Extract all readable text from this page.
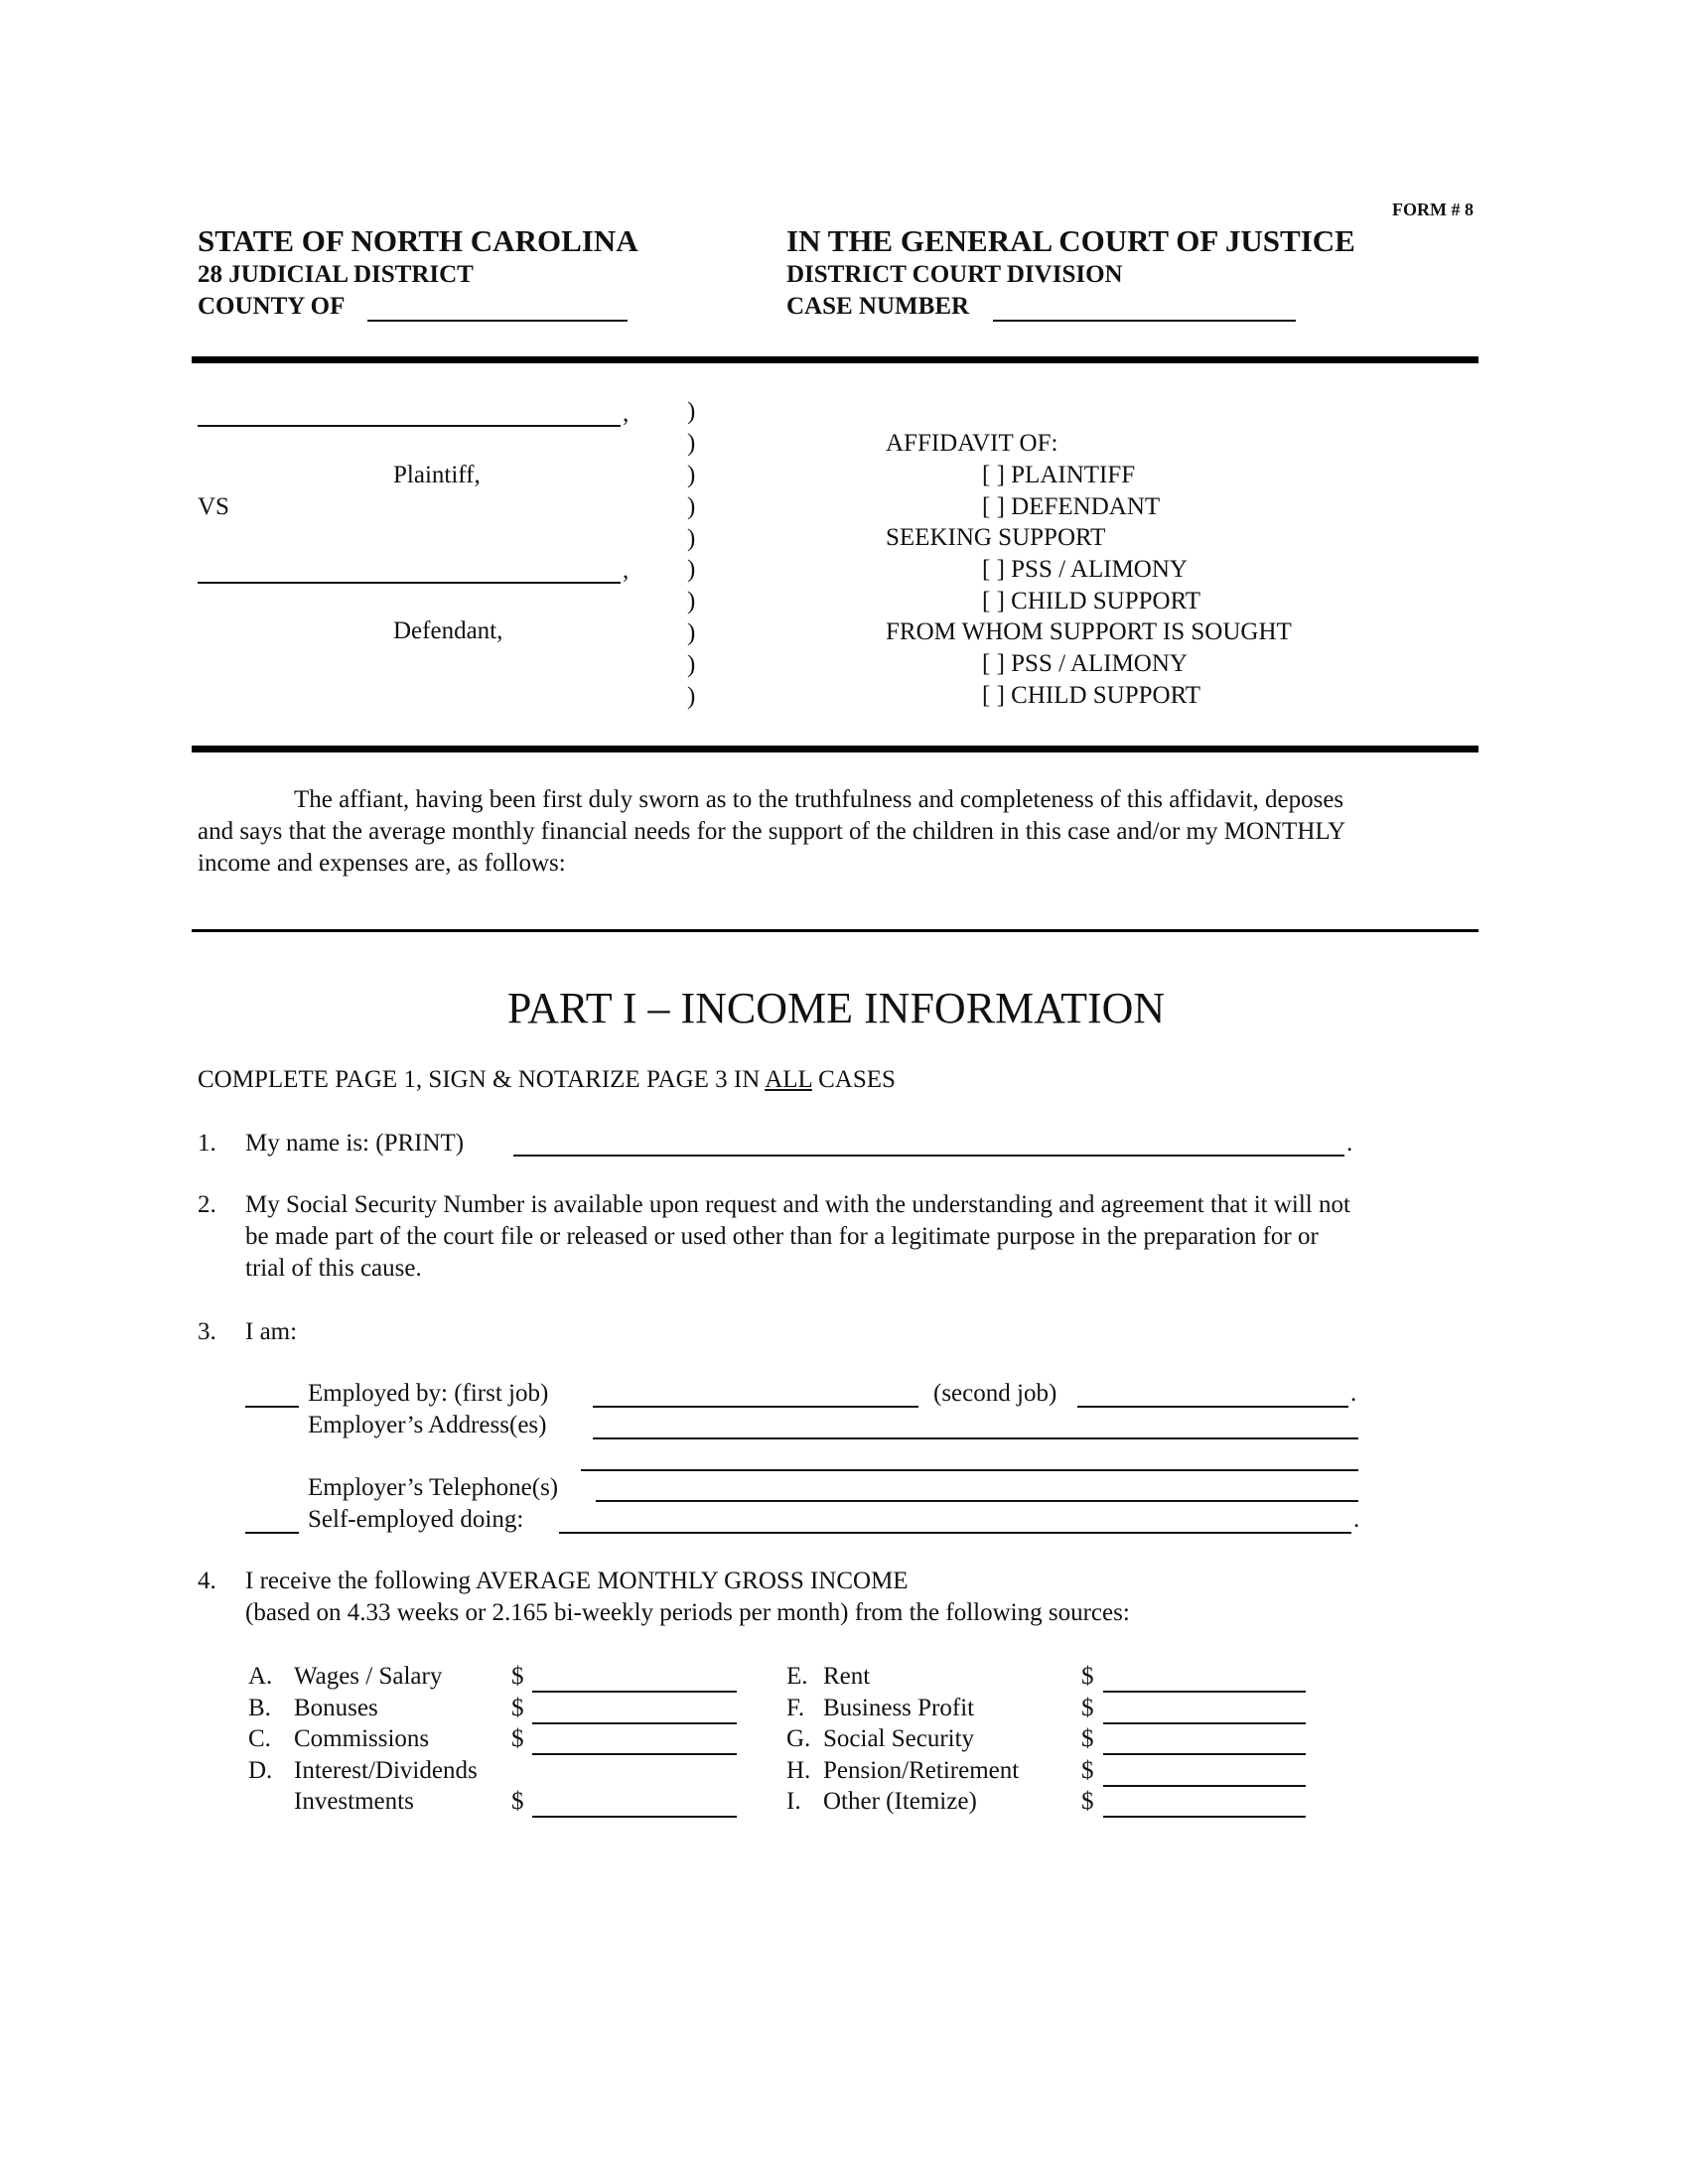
FORM # 8
STATE OF NORTH CAROLINA
28 JUDICIAL DISTRICT
COUNTY OF
IN THE GENERAL COURT OF JUSTICE
DISTRICT COURT DIVISION
CASE NUMBER
,
Plaintiff,
VS
,
Defendant,
)
)
)
)
)
)
)
)
)
)
AFFIDAVIT OF:
[ ] PLAINTIFF
[ ] DEFENDANT
SEEKING SUPPORT
[ ] PSS / ALIMONY
[ ] CHILD SUPPORT
FROM WHOM SUPPORT IS SOUGHT
[ ] PSS / ALIMONY
[ ] CHILD SUPPORT
The affiant, having been first duly sworn as to the truthfulness and completeness of this affidavit, deposes
and says that the average monthly financial needs for the support of the children in this case and/or my MONTHLY
income and expenses are, as follows:
PART I – INCOME INFORMATION
COMPLETE PAGE 1, SIGN & NOTARIZE PAGE 3 IN ALL CASES
1. My name is: (PRINT)	.
2. My Social Security Number is available upon request and with the understanding and agreement that it will not
be made part of the court file or released or used other than for a legitimate purpose in the preparation for or
trial of this cause.
3. I am:
Employed by: (first job)	(second job)	.
Employer’s Address(es)
Employer’s Telephone(s)
Self-employed doing:	.
4. I receive the following AVERAGE MONTHLY GROSS INCOME
(based on 4.33 weeks or 2.165 bi-weekly periods per month) from the following sources:
A. Wages / Salary	$
B. Bonuses	$
C. Commissions	$
D. Interest/Dividends
Investments	$
E. Rent	$
F. Business Profit	$
G. Social Security	$
H. Pension/Retirement	$
I. Other (Itemize)	$
